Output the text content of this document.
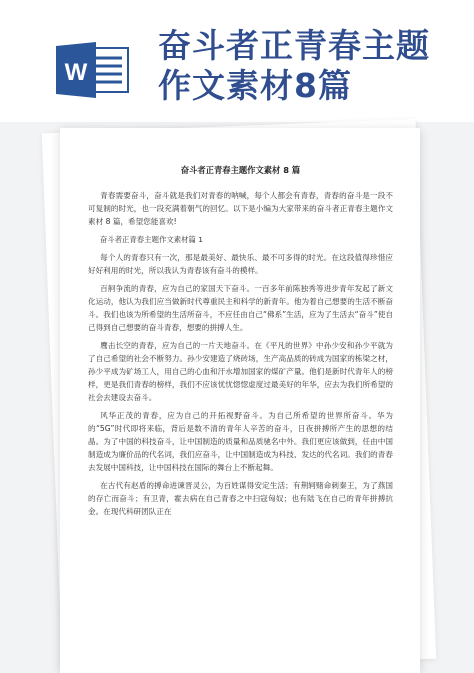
W
奋斗者正青春主题
作文素材8篇
奋斗者正青春主题作文素材 8 篇

青春需要奋斗，奋斗就是我们对青春的呐喊，每个人都会有青春，青春的奋斗是一段不可复制的时光，也一段充满着朝气的回忆。以下是小编为大家带来的奋斗者正青春主题作文素材 8 篇，希望您能喜欢!

奋斗者正青春主题作文素材篇 1

每个人的青春只有一次，那是最美好、最快乐、最不可多得的时光。在这段值得珍惜应好好利用的时光，所以我认为青春该有奋斗的模样。

百舸争流的青春，应为自己的家国天下奋斗。一百多年前陈独秀等进步青年发起了新文化运动，他认为我们应当做新时代尊重民主和科学的新青年。他为着自己想要的生活不断奋斗。我们也该为所希望的生活所奋斗，不应任由自己“佛系”生活，应为了生活去“奋斗”使自己得到自己想要的奋斗青春，想要的拼搏人生。

鹰击长空的青春，应为自己的一片天地奋斗。在《平凡的世界》中孙少安和孙少平就为了自己希望的社会不断努力。孙少安建造了烧砖场，生产高品质的砖成为国家的栋梁之材，孙少平成为矿场工人，用自己的心血和汗水增加国家的煤矿产量。他们是新时代青年人的榜样，更是我们青春的榜样，我们不应该忧忧惚惚虚度过最美好的年华，应去为我们所希望的社会去建设去奋斗。

风华正茂的青春，应为自己的开拓视野奋斗。为自己所希望的世界所奋斗。华为的“5G”时代即将来临，背后是数不清的青年人辛苦的奋斗，日夜拼搏所产生的思想的结晶。为了中国的科技奋斗，让中国制造的质量和品质驰名中外。我们更应该做到，任由中国制造成为廉价品的代名词，我们应奋斗，让中国制造成为科技、发达的代名词。我们的青春去发展中国科技，让中国科技在国际的舞台上不断起舞。

在古代有赵盾的搏命进谏晋灵公，为百姓谋得安定生活；有荆轲赌命刺秦王，为了燕国的存亡而奋斗；有卫青，霍去病在自己青春之中扫寇匈奴；也有陆飞在自己的青年拼搏抗金。在现代科研团队正在
